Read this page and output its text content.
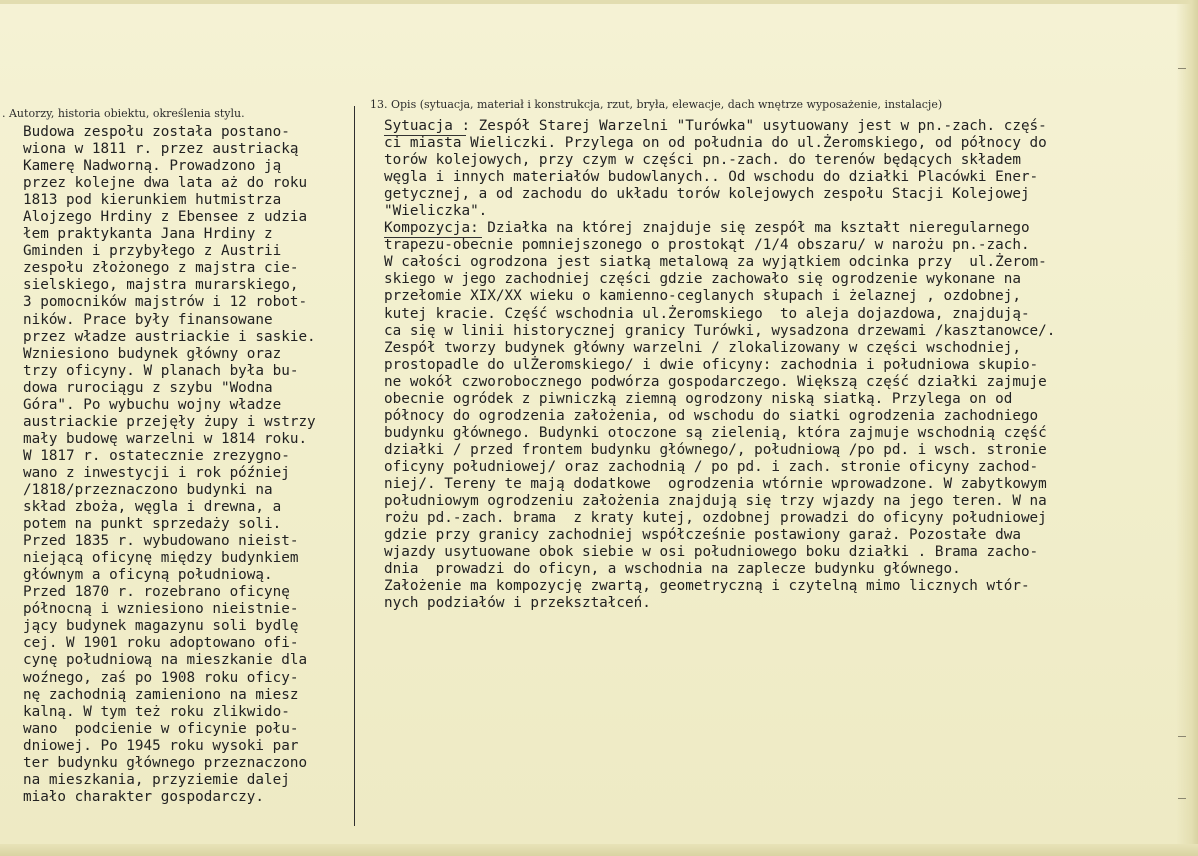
. Autorzy, historia obiektu, określenia stylu.
13. Opis (sytuacja, materiał i konstrukcja, rzut, bryła, elewacje, dach wnętrze wyposażenie, instalacje)
Budowa zespołu została postano-
wiona w 1811 r. przez austriacką
Kamerę Nadworną. Prowadzono ją
przez kolejne dwa lata aż do roku
1813 pod kierunkiem hutmistrza
Alojzego Hrdiny z Ebensee z udzia
łem praktykanta Jana Hrdiny z
Gminden i przybyłego z Austrii
zespołu złożonego z majstra cie-
sielskiego, majstra murarskiego,
3 pomocników majstrów i 12 robot-
ników. Prace były finansowane
przez władze austriackie i saskie.
Wzniesiono budynek główny oraz
trzy oficyny. W planach była bu-
dowa rurociągu z szybu "Wodna
Góra". Po wybuchu wojny władze
austriackie przejęły żupy i wstrzy
mały budowę warzelni w 1814 roku.
W 1817 r. ostatecznie zrezygno-
wano z inwestycji i rok później
/1818/przeznaczono budynki na
skład zboża, węgla i drewna, a
potem na punkt sprzedaży soli.
Przed 1835 r. wybudowano nieist-
niejącą oficynę między budynkiem
głównym a oficyną południową.
Przed 1870 r. rozebrano oficynę
północną i wzniesiono nieistnie-
jący budynek magazynu soli bydlę
cej. W 1901 roku adoptowano ofi-
cynę południową na mieszkanie dla
woźnego, zaś po 1908 roku oficy-
nę zachodnią zamieniono na miesz
kalną. W tym też roku zlikwido-
wano  podcienie w oficynie połu-
dniowej. Po 1945 roku wysoki par
ter budynku głównego przeznaczono
na mieszkania, przyziemie dalej
miało charakter gospodarczy.
Sytuacja : Zespół Starej Warzelni "Turówka" usytuowany jest w pn.-zach. częś-
ci miasta Wieliczki. Przylega on od południa do ul.Żeromskiego, od północy do
torów kolejowych, przy czym w części pn.-zach. do terenów będących składem
węgla i innych materiałów budowlanych.. Od wschodu do działki Placówki Ener-
getycznej, a od zachodu do układu torów kolejowych zespołu Stacji Kolejowej
"Wieliczka".
Kompozycja: Działka na której znajduje się zespół ma kształt nieregularnego
trapezu-obecnie pomniejszonego o prostokąt /1/4 obszaru/ w narożu pn.-zach.
W całości ogrodzona jest siatką metalową za wyjątkiem odcinka przy  ul.Żerom-
skiego w jego zachodniej części gdzie zachowało się ogrodzenie wykonane na
przełomie XIX/XX wieku o kamienno-ceglanych słupach i żelaznej , ozdobnej,
kutej kracie. Część wschodnia ul.Żeromskiego  to aleja dojazdowa, znajdują-
ca się w linii historycznej granicy Turówki, wysadzona drzewami /kasztanowce/.
Zespół tworzy budynek główny warzelni / zlokalizowany w części wschodniej,
prostopadle do ulŻeromskiego/ i dwie oficyny: zachodnia i południowa skupio-
ne wokół czworobocznego podwórza gospodarczego. Większą część działki zajmuje
obecnie ogródek z piwniczką ziemną ogrodzony niską siatką. Przylega on od
północy do ogrodzenia założenia, od wschodu do siatki ogrodzenia zachodniego
budynku głównego. Budynki otoczone są zielenią, która zajmuje wschodnią część
działki / przed frontem budynku głównego/, południową /po pd. i wsch. stronie
oficyny południowej/ oraz zachodnią / po pd. i zach. stronie oficyny zachod-
niej/. Tereny te mają dodatkowe  ogrodzenia wtórnie wprowadzone. W zabytkowym
południowym ogrodzeniu założenia znajdują się trzy wjazdy na jego teren. W na
rożu pd.-zach. brama  z kraty kutej, ozdobnej prowadzi do oficyny południowej
gdzie przy granicy zachodniej współcześnie postawiony garaż. Pozostałe dwa
wjazdy usytuowane obok siebie w osi południowego boku działki . Brama zacho-
dnia  prowadzi do oficyn, a wschodnia na zaplecze budynku głównego.
Założenie ma kompozycję zwartą, geometryczną i czytelną mimo licznych wtór-
nych podziałów i przekształceń.
